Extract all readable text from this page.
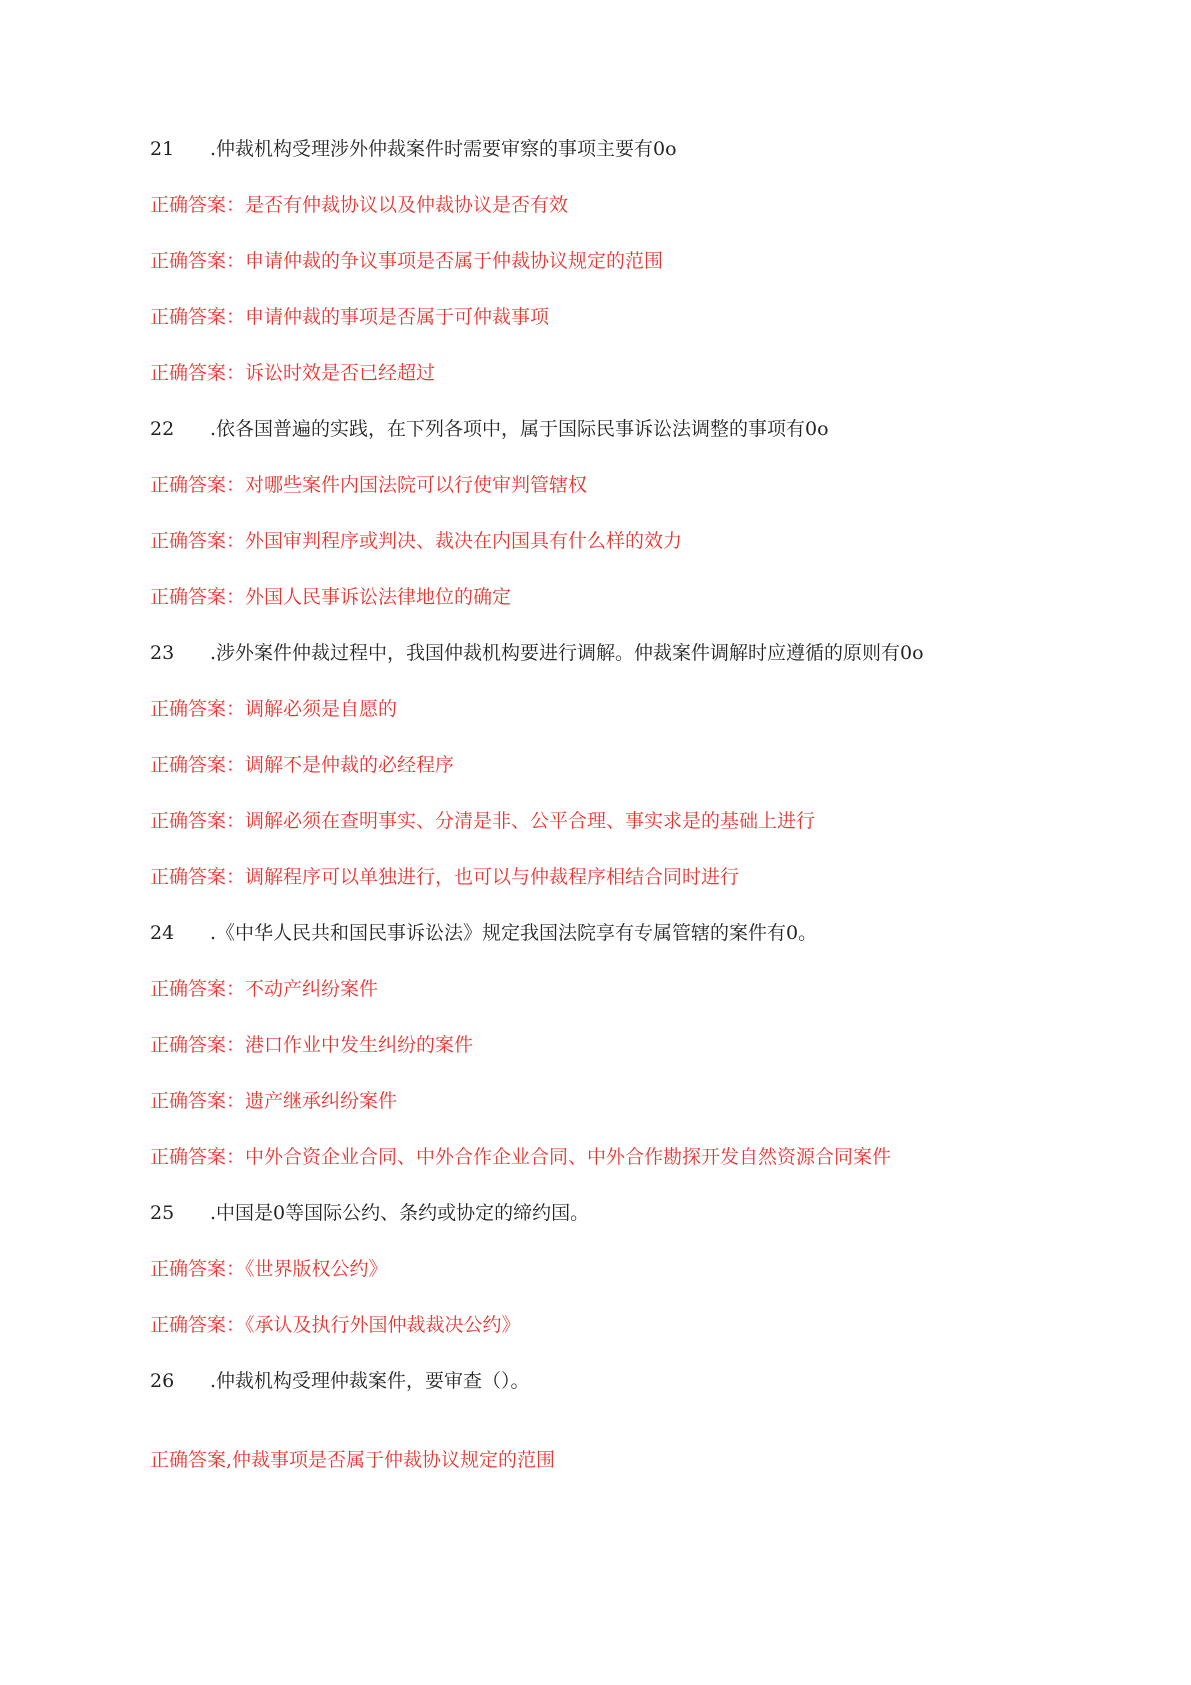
21 .仲裁机构受理涉外仲裁案件时需要审察的事项主要有0o
正确答案：是否有仲裁协议以及仲裁协议是否有效
正确答案：申请仲裁的争议事项是否属于仲裁协议规定的范围
正确答案：申请仲裁的事项是否属于可仲裁事项
正确答案：诉讼时效是否已经超过
22 .依各国普遍的实践，在下列各项中，属于国际民事诉讼法调整的事项有0o
正确答案：对哪些案件内国法院可以行使审判管辖权
正确答案：外国审判程序或判决、裁决在内国具有什么样的效力
正确答案：外国人民事诉讼法律地位的确定
23 .涉外案件仲裁过程中，我国仲裁机构要进行调解。仲裁案件调解时应遵循的原则有0o
正确答案：调解必须是自愿的
正确答案：调解不是仲裁的必经程序
正确答案：调解必须在查明事实、分清是非、公平合理、事实求是的基础上进行
正确答案：调解程序可以单独进行，也可以与仲裁程序相结合同时进行
24 .《中华人民共和国民事诉讼法》规定我国法院享有专属管辖的案件有0。
正确答案：不动产纠纷案件
正确答案：港口作业中发生纠纷的案件
正确答案：遗产继承纠纷案件
正确答案：中外合资企业合同、中外合作企业合同、中外合作勘探开发自然资源合同案件
25 .中国是0等国际公约、条约或协定的缔约国。
正确答案：《世界版权公约》
正确答案：《承认及执行外国仲裁裁决公约》
26 .仲裁机构受理仲裁案件，要审查（）。
正确答案,仲裁事项是否属于仲裁协议规定的范围
